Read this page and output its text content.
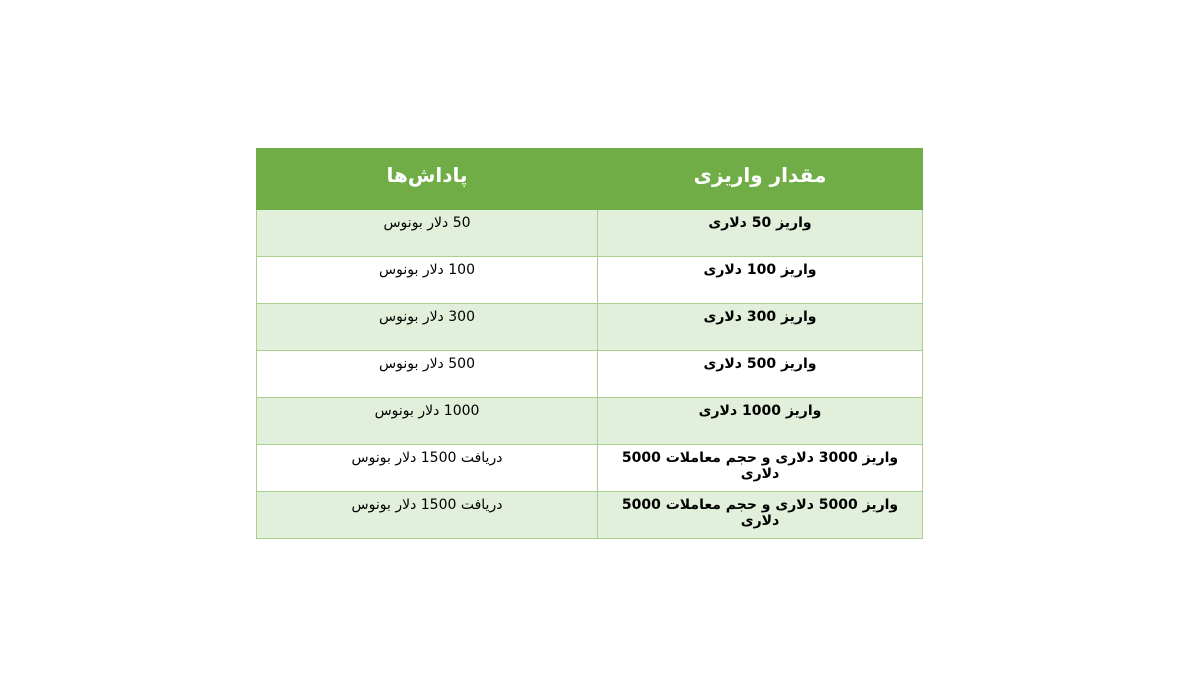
مقدار واریزی	پاداش‌ها
واریز 50 دلاری	50 دلار بونوس
واریز 100 دلاری	100 دلار بونوس
واریز 300 دلاری	300 دلار بونوس
واریز 500 دلاری	500 دلار بونوس
واریز 1000 دلاری	1000 دلار بونوس
واریز 3000 دلاری و حجم معاملات 5000 دلاری	دریافت 1500 دلار بونوس
واریز 5000 دلاری و حجم معاملات 5000 دلاری	دریافت 1500 دلار بونوس
